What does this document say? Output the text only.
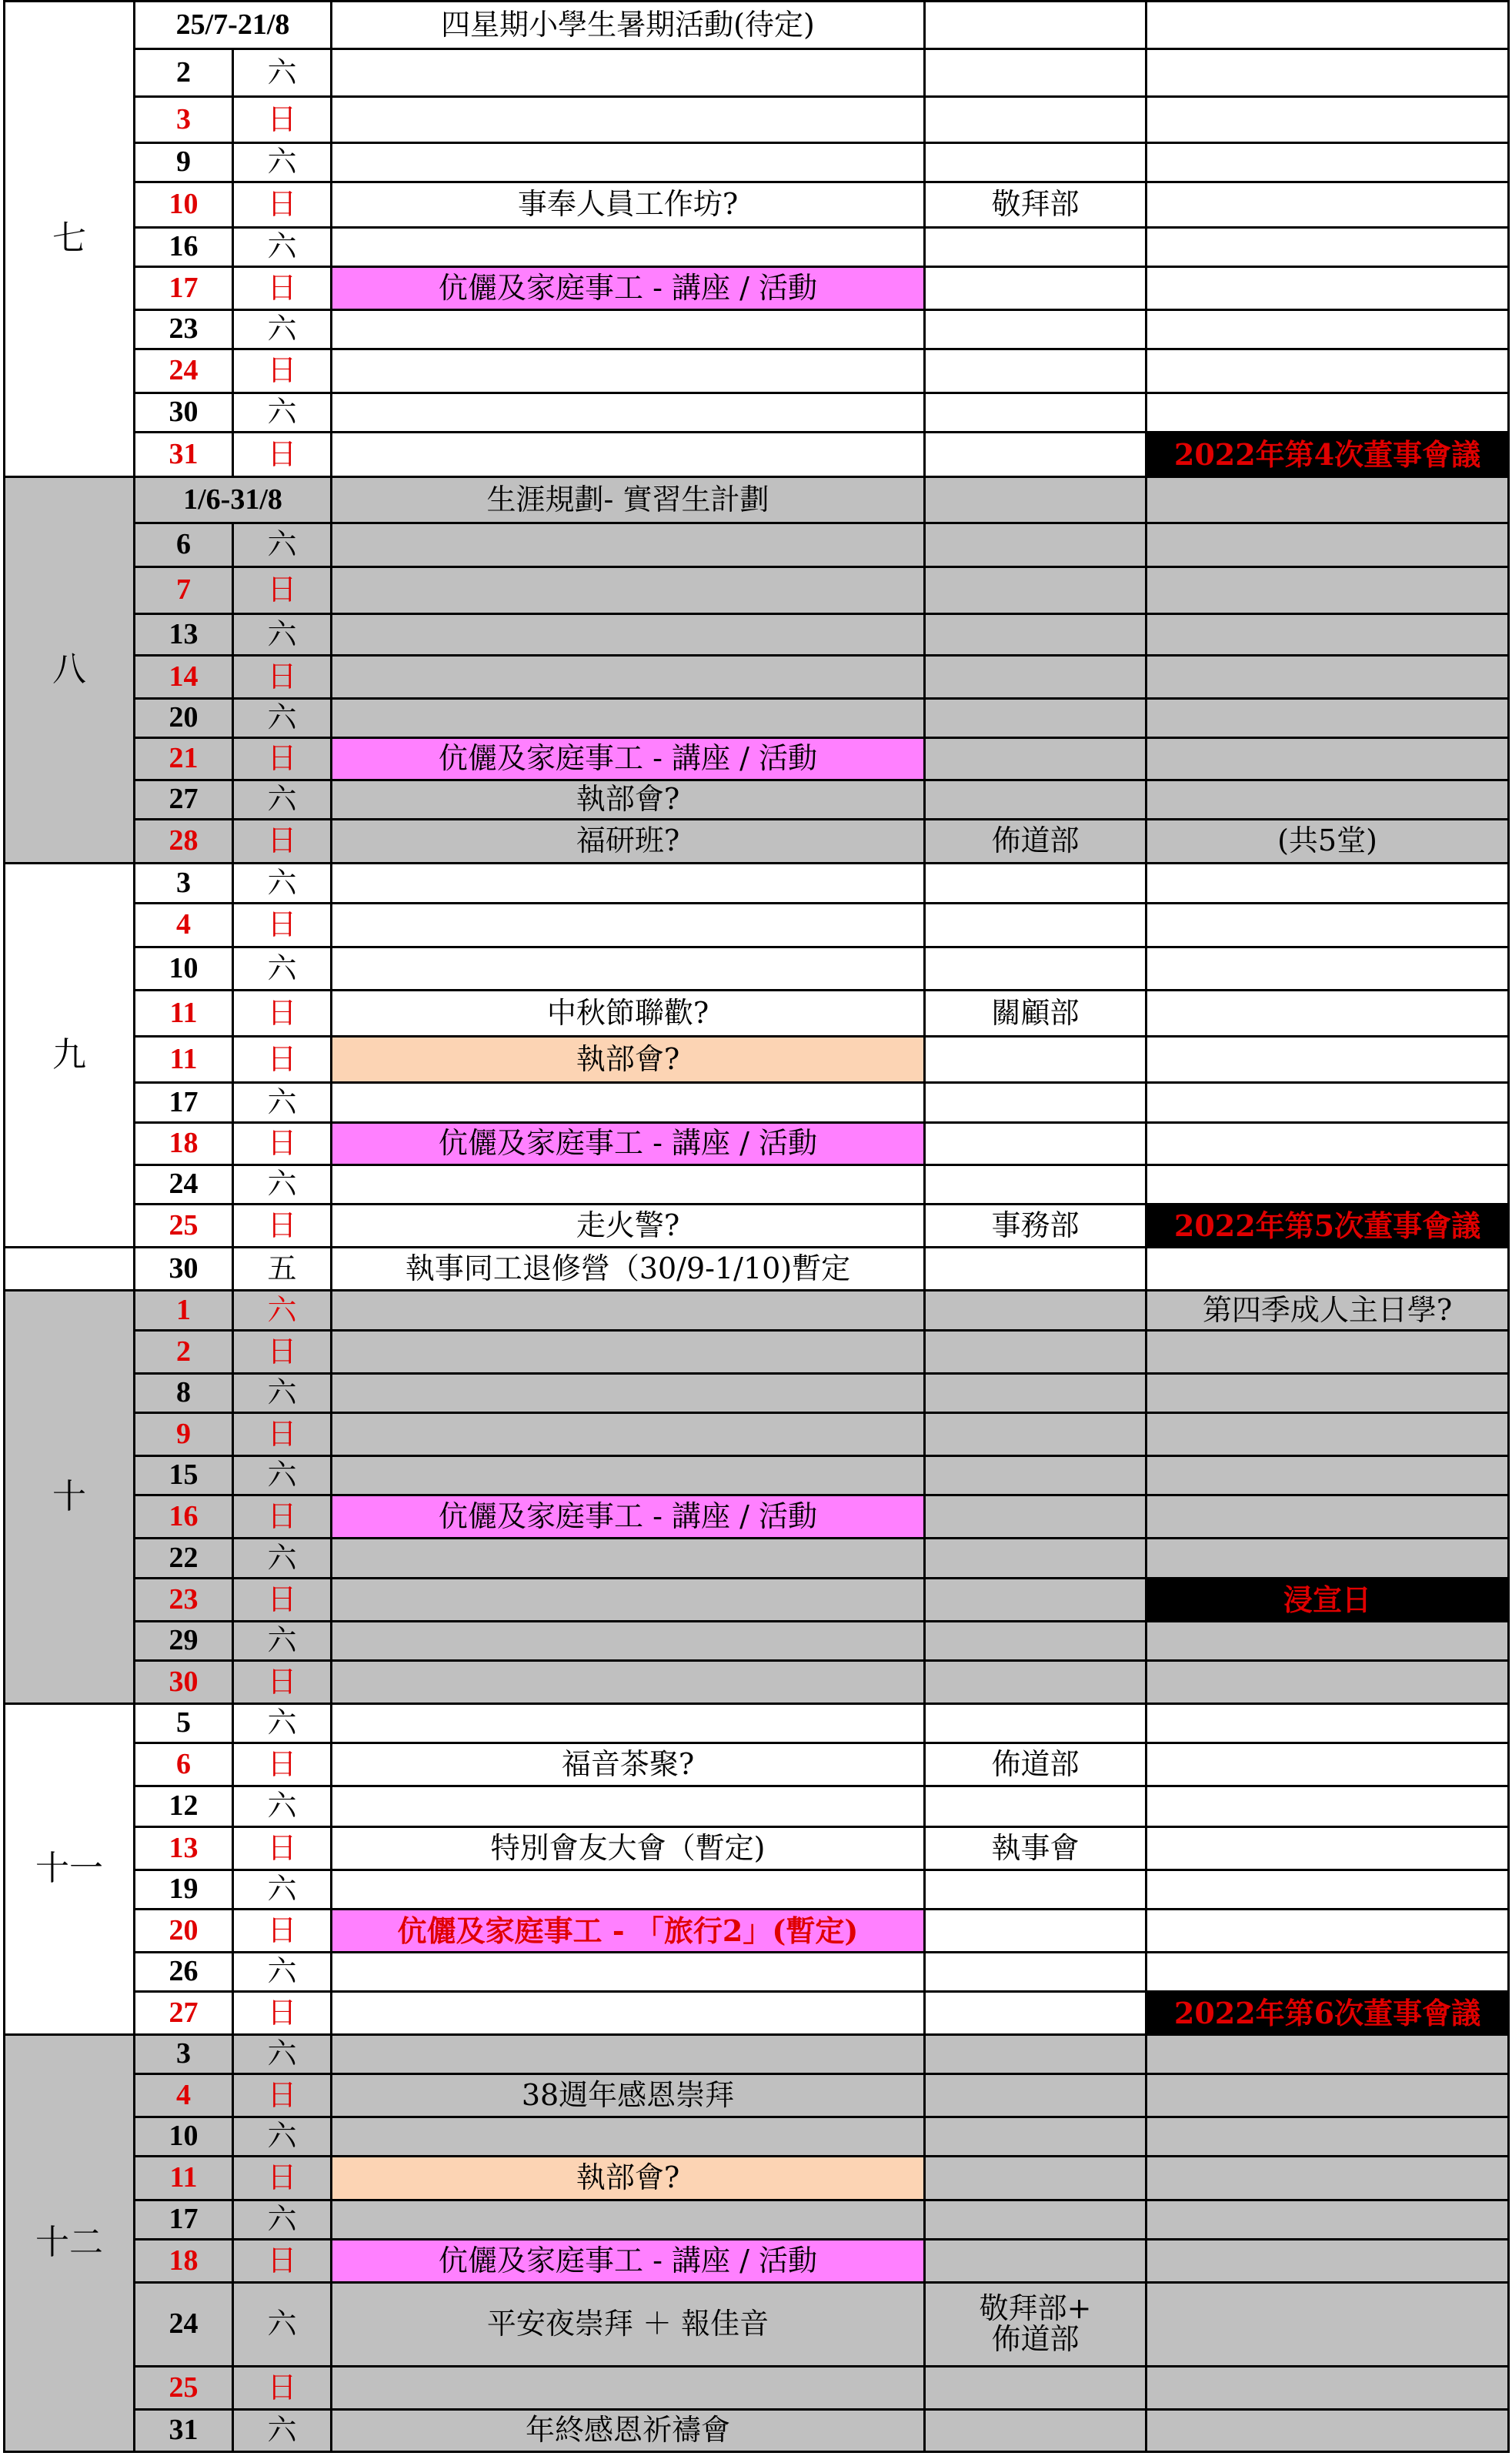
七	25/7-21/8		四星期小學生暑期活動(待定)		
	2	六			
	3	日			
	9	六			
	10	日	事奉人員工作坊?	敬拜部	
	16	六			
	17	日	伉儷及家庭事工 - 講座 / 活動		
	23	六			
	24	日			
	30	六			
	31	日			2022年第4次董事會議
八	1/6-31/8		生涯規劃- 實習生計劃		
	6	六			
	7	日			
	13	六			
	14	日			
	20	六			
	21	日	伉儷及家庭事工 - 講座 / 活動		
	27	六	執部會?		
	28	日	福研班?	佈道部	(共5堂)
九	3	六			
	4	日			
	10	六			
	11	日	中秋節聯歡?	關顧部	
	11	日	執部會?		
	17	六			
	18	日	伉儷及家庭事工 - 講座 / 活動		
	24	六			
	25	日	走火警?	事務部	2022年第5次董事會議
	30	五	執事同工退修營（30/9-1/10)暫定		
十	1	六			第四季成人主日學?
	2	日			
	8	六			
	9	日			
	15	六			
	16	日	伉儷及家庭事工 - 講座 / 活動		
	22	六			
	23	日			浸宣日
	29	六			
	30	日			
十一	5	六			
	6	日	福音茶聚?	佈道部	
	12	六			
	13	日	特別會友大會（暫定)	執事會	
	19	六			
	20	日	伉儷及家庭事工 - 「旅行2」(暫定)		
	26	六			
	27	日			2022年第6次董事會議
十二	3	六			
	4	日	38週年感恩崇拜		
	10	六			
	11	日	執部會?		
	17	六			
	18	日	伉儷及家庭事工 - 講座 / 活動		
	24	六	平安夜崇拜 ＋ 報佳音	敬拜部+
佈道部	

	25	日			
	31	六	年終感恩祈禱會		
